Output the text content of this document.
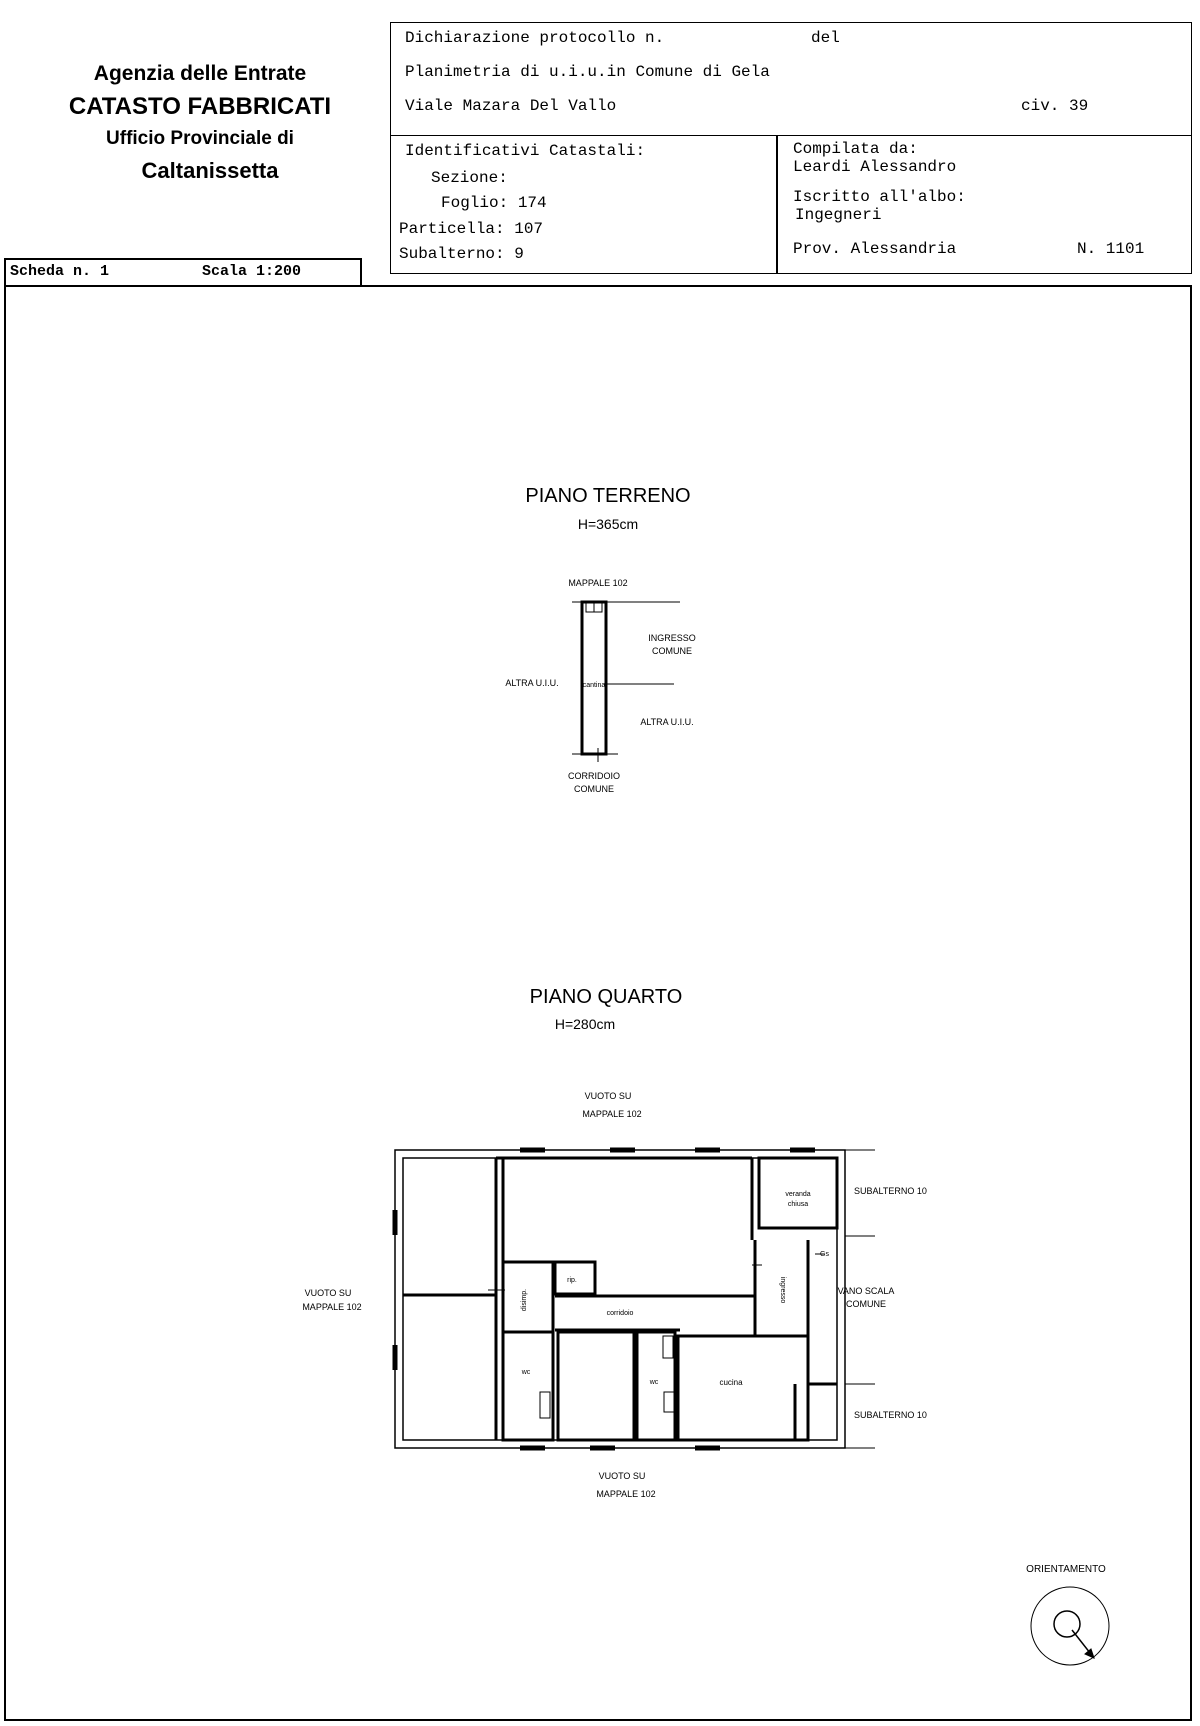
Agenzia delle Entrate
CATASTO FABBRICATI
Ufficio Provinciale di
Caltanissetta
Dichiarazione protocollo n.	del
Planimetria di u.i.u.in Comune di Gela
Viale Mazara Del Vallo	civ. 39
Identificativi Catastali:
Sezione:
Foglio: 174
Particella: 107
Subalterno: 9
Compilata da:
Leardi Alessandro
Iscritto all'albo:
Ingegneri
Prov. Alessandria	N. 1101
Scheda n. 1	Scala 1:200
PIANO TERRENO
H=365cm
MAPPALE 102
INGRESSO
COMUNE
ALTRA U.I.U.	cantina
ALTRA U.I.U.
CORRIDOIO
COMUNE
PIANO QUARTO
H=280cm
VUOTO SU
MAPPALE 102
VUOTO SU
MAPPALE 102
VUOTO SU
MAPPALE 102
veranda
chiusa
SUBALTERNO 10
Gs
VANO SCALA
COMUNE
SUBALTERNO 10
ingresso
corridoio
rip.
disimp.
wc
wc	cucina
ORIENTAMENTO
